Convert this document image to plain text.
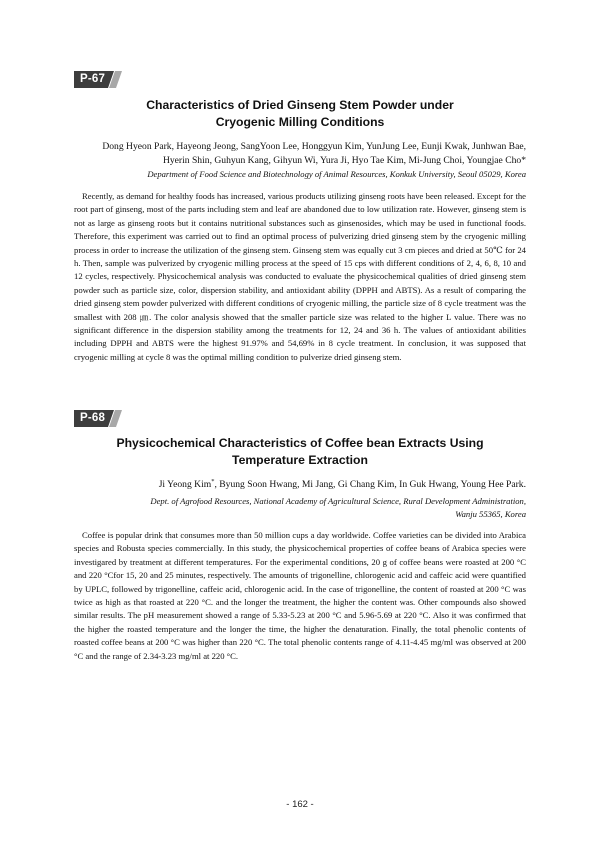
P-67
Characteristics of Dried Ginseng Stem Powder under
Cryogenic Milling Conditions
Dong Hyeon Park, Hayeong Jeong, SangYoon Lee, Honggyun Kim, YunJung Lee, Eunji Kwak, Junhwan Bae,
Hyerin Shin, Guhyun Kang, Gihyun Wi, Yura Ji, Hyo Tae Kim, Mi-Jung Choi, Youngjae Cho*
Department of Food Science and Biotechnology of Animal Resources, Konkuk University, Seoul 05029, Korea

Recently, as demand for healthy foods has increased, various products utilizing ginseng roots have been released. Except for the root part of ginseng, most of the parts including stem and leaf are abandoned due to low utilization rate. However, ginseng stem is not as large as ginseng roots but it contains nutritional substances such as ginsenosides, which may be used in functional foods. Therefore, this experiment was carried out to find an optimal process of pulverizing dried ginseng stem by the cryogenic milling process in order to increase the utilization of the ginseng stem. Ginseng stem was equally cut 3 cm pieces and dried at 50℃ for 24 h. Then, sample was pulverized by cryogenic milling process at the speed of 15 cps with different conditions of 2, 4, 6, 8, 10 and 12 cycles, respectively. Physicochemical analysis was conducted to evaluate the physicochemical qualities of dried ginseng stem powder such as particle size, color, dispersion stability, and antioxidant ability (DPPH and ABTS). As a result of comparing the dried ginseng stem powder pulverized with different conditions of cryogenic milling, the particle size of 8 cycle treatment was the smallest with 208 ㎛. The color analysis showed that the smaller particle size was related to the higher L value. There was no significant difference in the dispersion stability among the treatments for 12, 24 and 36 h. The values of antioxidant abilities including DPPH and ABTS were the highest 91.97% and 54,69% in 8 cycle treatment. In conclusion, it was supposed that cryogenic milling at cycle 8 was the optimal milling condition to pulverize dried ginseng stem.

P-68
Physicochemical Characteristics of Coffee bean Extracts Using
Temperature Extraction
Ji Yeong Kim*, Byung Soon Hwang, Mi Jang, Gi Chang Kim, In Guk Hwang, Young Hee Park.
Dept. of Agrofood Resources, National Academy of Agricultural Science, Rural Development Administration,
Wanju 55365, Korea

Coffee is popular drink that consumes more than 50 million cups a day worldwide. Coffee varieties can be divided into Arabica species and Robusta species commercially. In this study, the physicochemical properties of coffee beans of Arabica species were investigared by treatment at different temperatures. For the experimental conditions, 20 g of coffee beans were roasted at 200 °C and 220 °Cfor 15, 20 and 25 minutes, respectively. The amounts of trigonelline, chlorogenic acid and caffeic acid were quantified by UPLC, followed by trigonelline, caffeic acid, chlorogenic acid. In the case of trigonelline, the content of roasted at 200 °C was twice as high as that roasted at 220 °C. and the longer the treatment, the higher the content was. Other compounds also showed similar results. The pH measurement showed a range of 5.33-5.23 at 200 °C and 5.96-5.69 at 220 °C. Also it was confirmed that the higher the roasted temperature and the longer the time, the higher the denaturation. Finally, the total phenolic contents of roasted coffee beans at 200 °C was higher than 220 °C. The total phenolic contents range of 4.11-4.45 mg/ml was observed at 200 °C and the range of 2.34-3.23 mg/ml at 220 °C.

- 162 -
